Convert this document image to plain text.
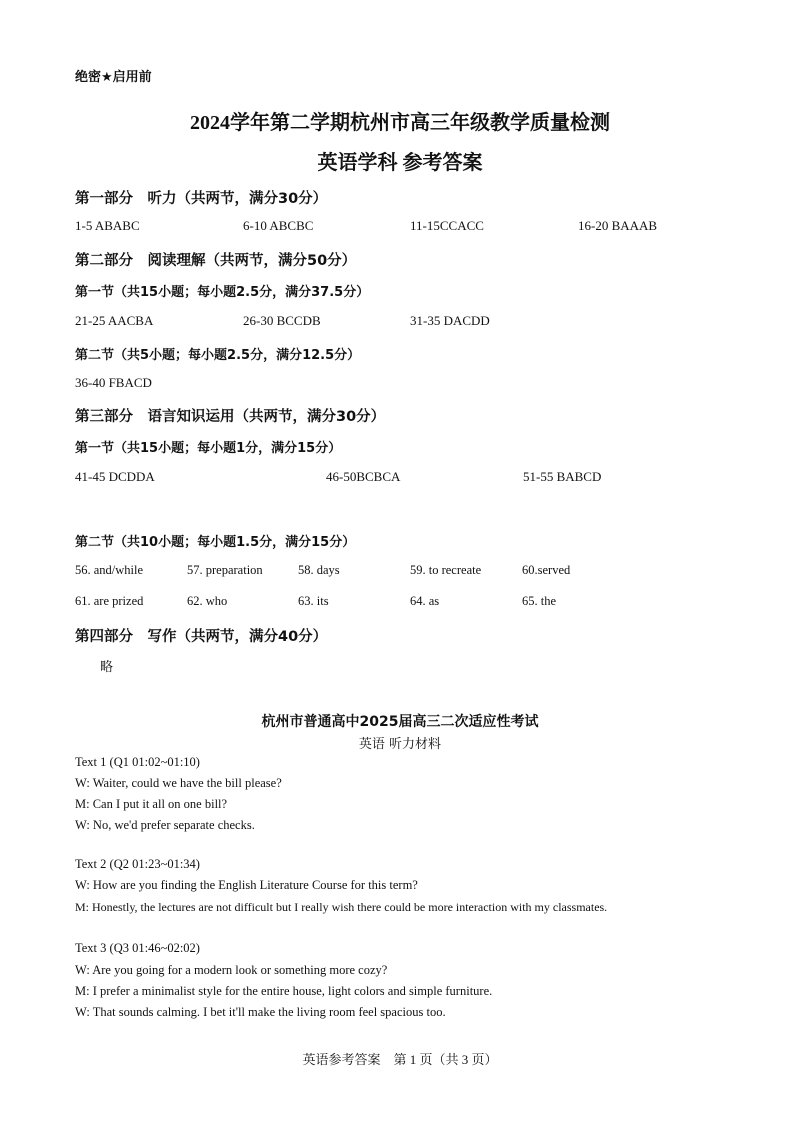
绝密★启用前
2024学年第二学期杭州市高三年级教学质量检测
英语学科 参考答案
第一部分　听力（共两节，满分30分）
1-5 ABABC	6-10 ABCBC	11-15CCACC	16-20 BAAAB
第二部分　阅读理解（共两节，满分50分）
第一节（共15小题；每小题2.5分，满分37.5分）
21-25 AACBA	26-30 BCCDB	31-35 DACDD
第二节（共5小题；每小题2.5分，满分12.5分）
36-40 FBACD
第三部分　语言知识运用（共两节，满分30分）
第一节（共15小题；每小题1分，满分15分）
41-45 DCDDA	46-50BCBCA	51-55 BABCD
第二节（共10小题；每小题1.5分，满分15分）
56. and/while	57. preparation	58. days	59. to recreate	60.served
61. are prized	62. who	63. its	64. as	65. the
第四部分　写作（共两节，满分40分）
略
杭州市普通高中2025届高三二次适应性考试
英语 听力材料
Text 1 (Q1 01:02~01:10)
W: Waiter, could we have the bill please?
M: Can I put it all on one bill?
W: No, we'd prefer separate checks.
Text 2 (Q2 01:23~01:34)
W: How are you finding the English Literature Course for this term?
M: Honestly, the lectures are not difficult but I really wish there could be more interaction with my classmates.
Text 3 (Q3 01:46~02:02)
W: Are you going for a modern look or something more cozy?
M: I prefer a minimalist style for the entire house, light colors and simple furniture.
W: That sounds calming. I bet it'll make the living room feel spacious too.
英语参考答案　第 1 页（共 3 页）
